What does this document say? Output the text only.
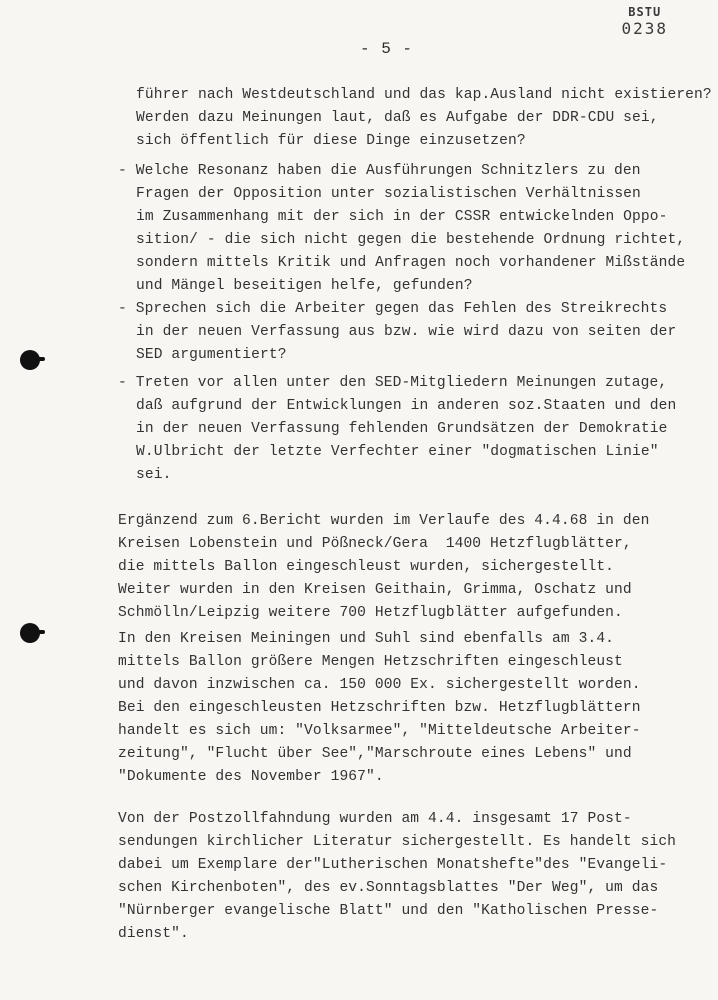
BSTU
0238
- 5 -
führer nach Westdeutschland und das kap.Ausland nicht existieren?
Werden dazu Meinungen laut, daß es Aufgabe der DDR-CDU sei,
sich öffentlich für diese Dinge einzusetzen?
- Welche Resonanz haben die Ausführungen Schnitzlers zu den
Fragen der Opposition unter sozialistischen Verhältnissen
im Zusammenhang mit der sich in der CSSR entwickelnden Oppo-
sition/ - die sich nicht gegen die bestehende Ordnung richtet,
sondern mittels Kritik und Anfragen noch vorhandener Mißstände
und Mängel beseitigen helfe, gefunden?
- Sprechen sich die Arbeiter gegen das Fehlen des Streikrechts
in der neuen Verfassung aus bzw. wie wird dazu von seiten der
SED argumentiert?
- Treten vor allen unter den SED-Mitgliedern Meinungen zutage,
daß aufgrund der Entwicklungen in anderen soz.Staaten und den
in der neuen Verfassung fehlenden Grundsätzen der Demokratie
W.Ulbricht der letzte Verfechter einer "dogmatischen Linie"
sei.
Ergänzend zum 6.Bericht wurden im Verlaufe des 4.4.68 in den
Kreisen Lobenstein und Pößneck/Gera  1400 Hetzflugblätter,
die mittels Ballon eingeschleust wurden, sichergestellt.
Weiter wurden in den Kreisen Geithain, Grimma, Oschatz und
Schmölln/Leipzig weitere 700 Hetzflugblätter aufgefunden.
In den Kreisen Meiningen und Suhl sind ebenfalls am 3.4.
mittels Ballon größere Mengen Hetzschriften eingeschleust
und davon inzwischen ca. 150 000 Ex. sichergestellt worden.
Bei den eingeschleusten Hetzschriften bzw. Hetzflugblättern
handelt es sich um: "Volksarmee", "Mitteldeutsche Arbeiter-
zeitung", "Flucht über See","Marschroute eines Lebens" und
"Dokumente des November 1967".
Von der Postzollfahndung wurden am 4.4. insgesamt 17 Post-
sendungen kirchlicher Literatur sichergestellt. Es handelt sich
dabei um Exemplare der"Lutherischen Monatshefte"des "Evangeli-
schen Kirchenboten", des ev.Sonntagsblattes "Der Weg", um das
"Nürnberger evangelische Blatt" und den "Katholischen Presse-
dienst".
